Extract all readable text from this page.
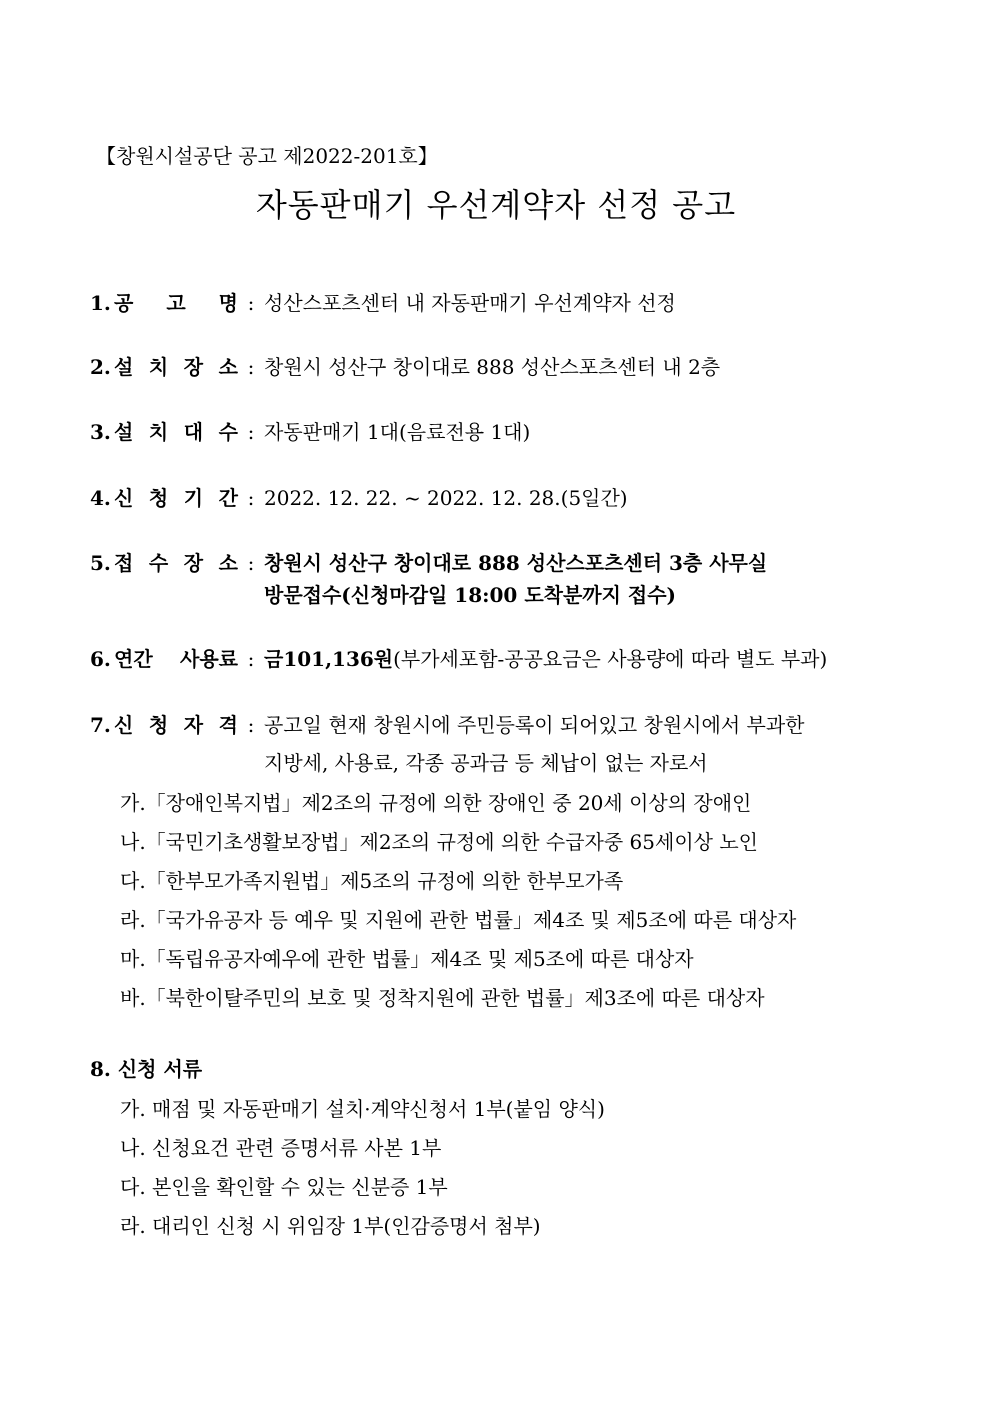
【창원시설공단 공고 제2022-201호】
자동판매기 우선계약자 선정 공고
1. 공 고 명 : 성산스포츠센터 내 자동판매기 우선계약자 선정
2. 설 치 장 소 : 창원시 성산구 창이대로 888 성산스포츠센터 내 2층
3. 설 치 대 수 : 자동판매기 1대(음료전용 1대)
4. 신 청 기 간 : 2022. 12. 22. ~ 2022. 12. 28.(5일간)
5. 접 수 장 소 : 창원시 성산구 창이대로 888 성산스포츠센터 3층 사무실
방문접수(신청마감일 18:00 도착분까지 접수)
6. 연간 사용료 : 금101,136원(부가세포함-공공요금은 사용량에 따라 별도 부과)
7. 신 청 자 격 : 공고일 현재 창원시에 주민등록이 되어있고 창원시에서 부과한
지방세, 사용료, 각종 공과금 등 체납이 없는 자로서
가.「장애인복지법」제2조의 규정에 의한 장애인 중 20세 이상의 장애인
나.「국민기초생활보장법」제2조의 규정에 의한 수급자중 65세이상 노인
다.「한부모가족지원법」제5조의 규정에 의한 한부모가족
라.「국가유공자 등 예우 및 지원에 관한 법률」제4조 및 제5조에 따른 대상자
마.「독립유공자예우에 관한 법률」제4조 및 제5조에 따른 대상자
바.「북한이탈주민의 보호 및 정착지원에 관한 법률」제3조에 따른 대상자
8. 신청 서류
가. 매점 및 자동판매기 설치·계약신청서 1부(붙임 양식)
나. 신청요건 관련 증명서류 사본 1부
다. 본인을 확인할 수 있는 신분증 1부
라. 대리인 신청 시 위임장 1부(인감증명서 첨부)
